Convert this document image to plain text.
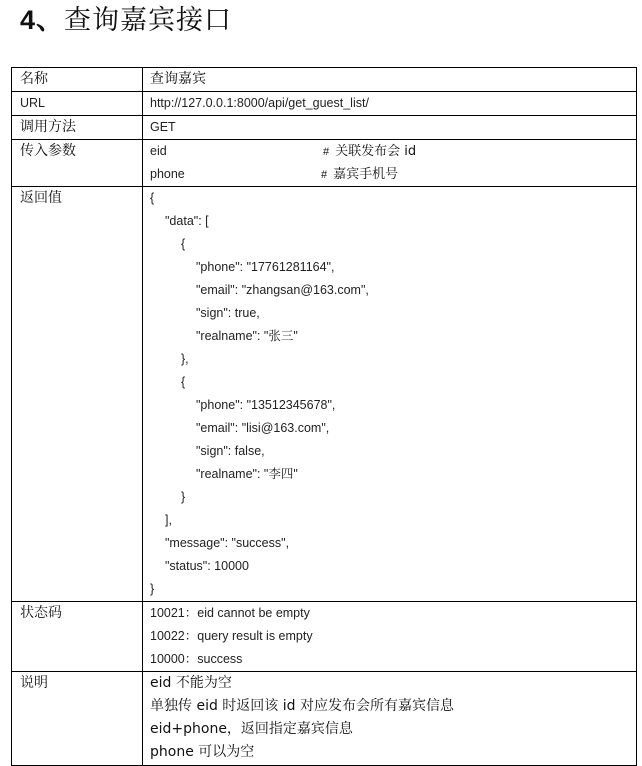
4、查询嘉宾接口
名称	查询嘉宾

URL	http://127.0.0.1:8000/api/get_guest_list/

调用方法	GET

传入参数	eid # 关联发布会 id
phone # 嘉宾手机号

返回值	{
"data": [
{
"phone": "17761281164",
"email": "zhangsan@163.com",
"sign": true,
"realname": "张三"
},
{
"phone": "13512345678",
"email": "lisi@163.com",
"sign": false,
"realname": "李四"
}
],
"message": "success",
"status": 10000
}

状态码	10021：eid cannot be empty
10022：query result is empty
10000：success

说明	eid 不能为空
单独传 eid 时返回该 id 对应发布会所有嘉宾信息
eid+phone，返回指定嘉宾信息
phone 可以为空
